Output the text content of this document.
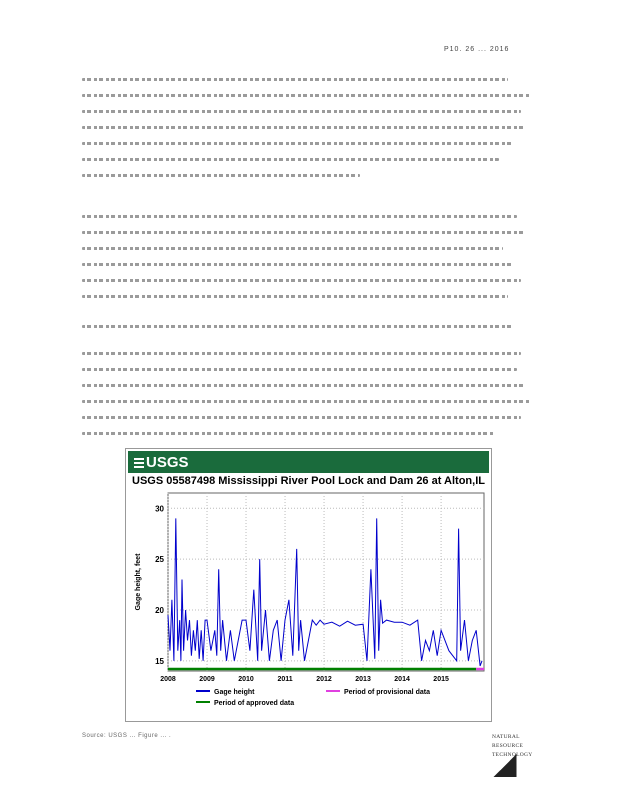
P10. 26 ... 2016
USGS
USGS 05587498 Mississippi River Pool Lock and Dam 26 at Alton,IL
15
20
25
30
2008	2009	2010	2011	2012	2013	2014	2015
Gage height, feet
Gage height	Period of provisional data
Period of approved data
Source: USGS ... Figure ... .	NATURAL
RESOURCE
TECHNOLOGY
